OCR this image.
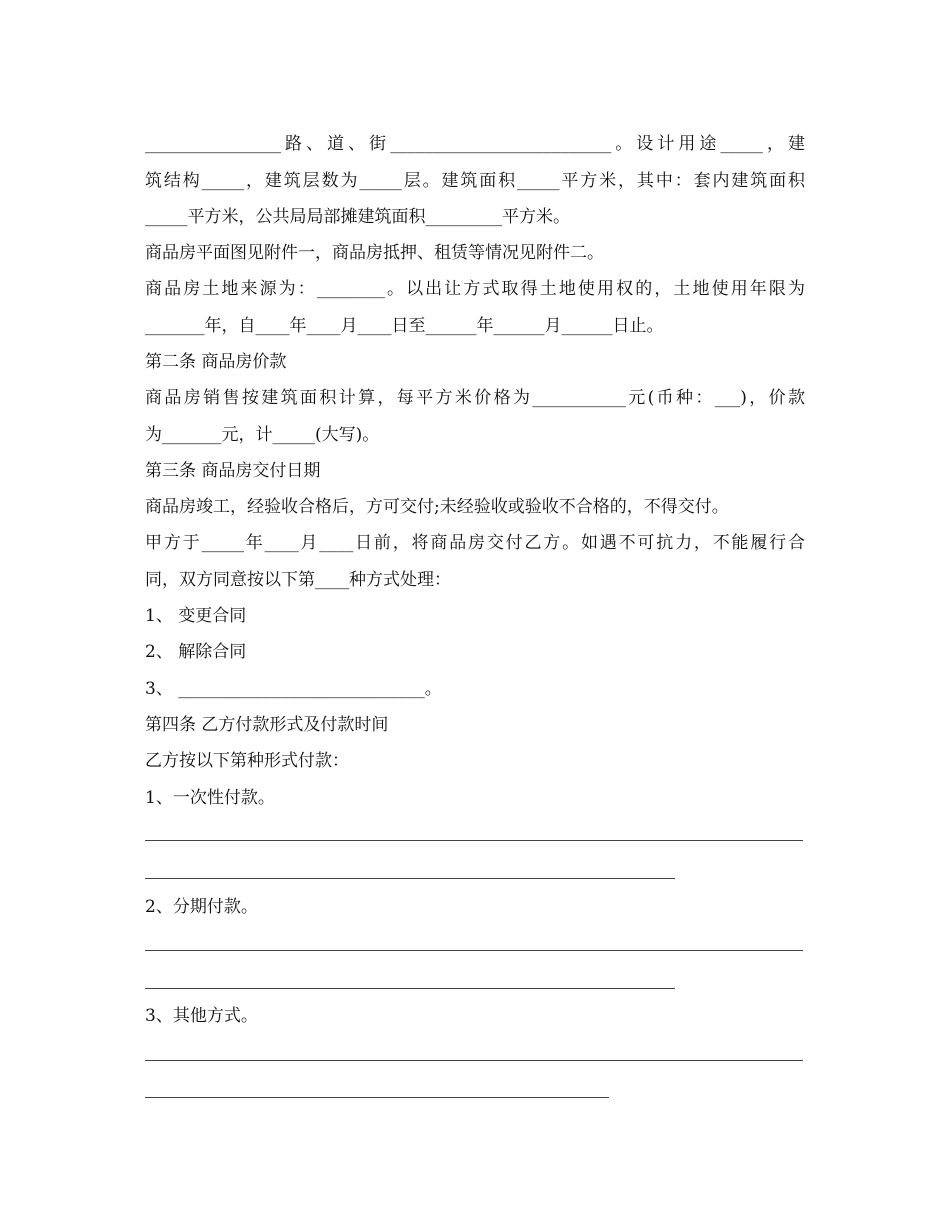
________________路、道、街__________________________。设计用途_____，建
筑结构_____，建筑层数为_____层。建筑面积_____平方米，其中：套内建筑面积
_____平方米，公共局局部摊建筑面积_________平方米。
商品房平面图见附件一，商品房抵押、租赁等情况见附件二。
商品房土地来源为：________。以出让方式取得土地使用权的，土地使用年限为
_______年，自____年____月____日至______年______月______日止。
第二条 商品房价款
商品房销售按建筑面积计算，每平方米价格为___________元(币种：___)，价款
为_______元，计_____(大写)。
第三条 商品房交付日期
商品房竣工，经验收合格后，方可交付;未经验收或验收不合格的，不得交付。
甲方于_____年____月____日前，将商品房交付乙方。如遇不可抗力，不能履行合
同，双方同意按以下第____种方式处理：
1、 变更合同
2、 解除合同
3、 _____________________________。
第四条 乙方付款形式及付款时间
乙方按以下第种形式付款：
1、一次性付款。
2、分期付款。
3、其他方式。
